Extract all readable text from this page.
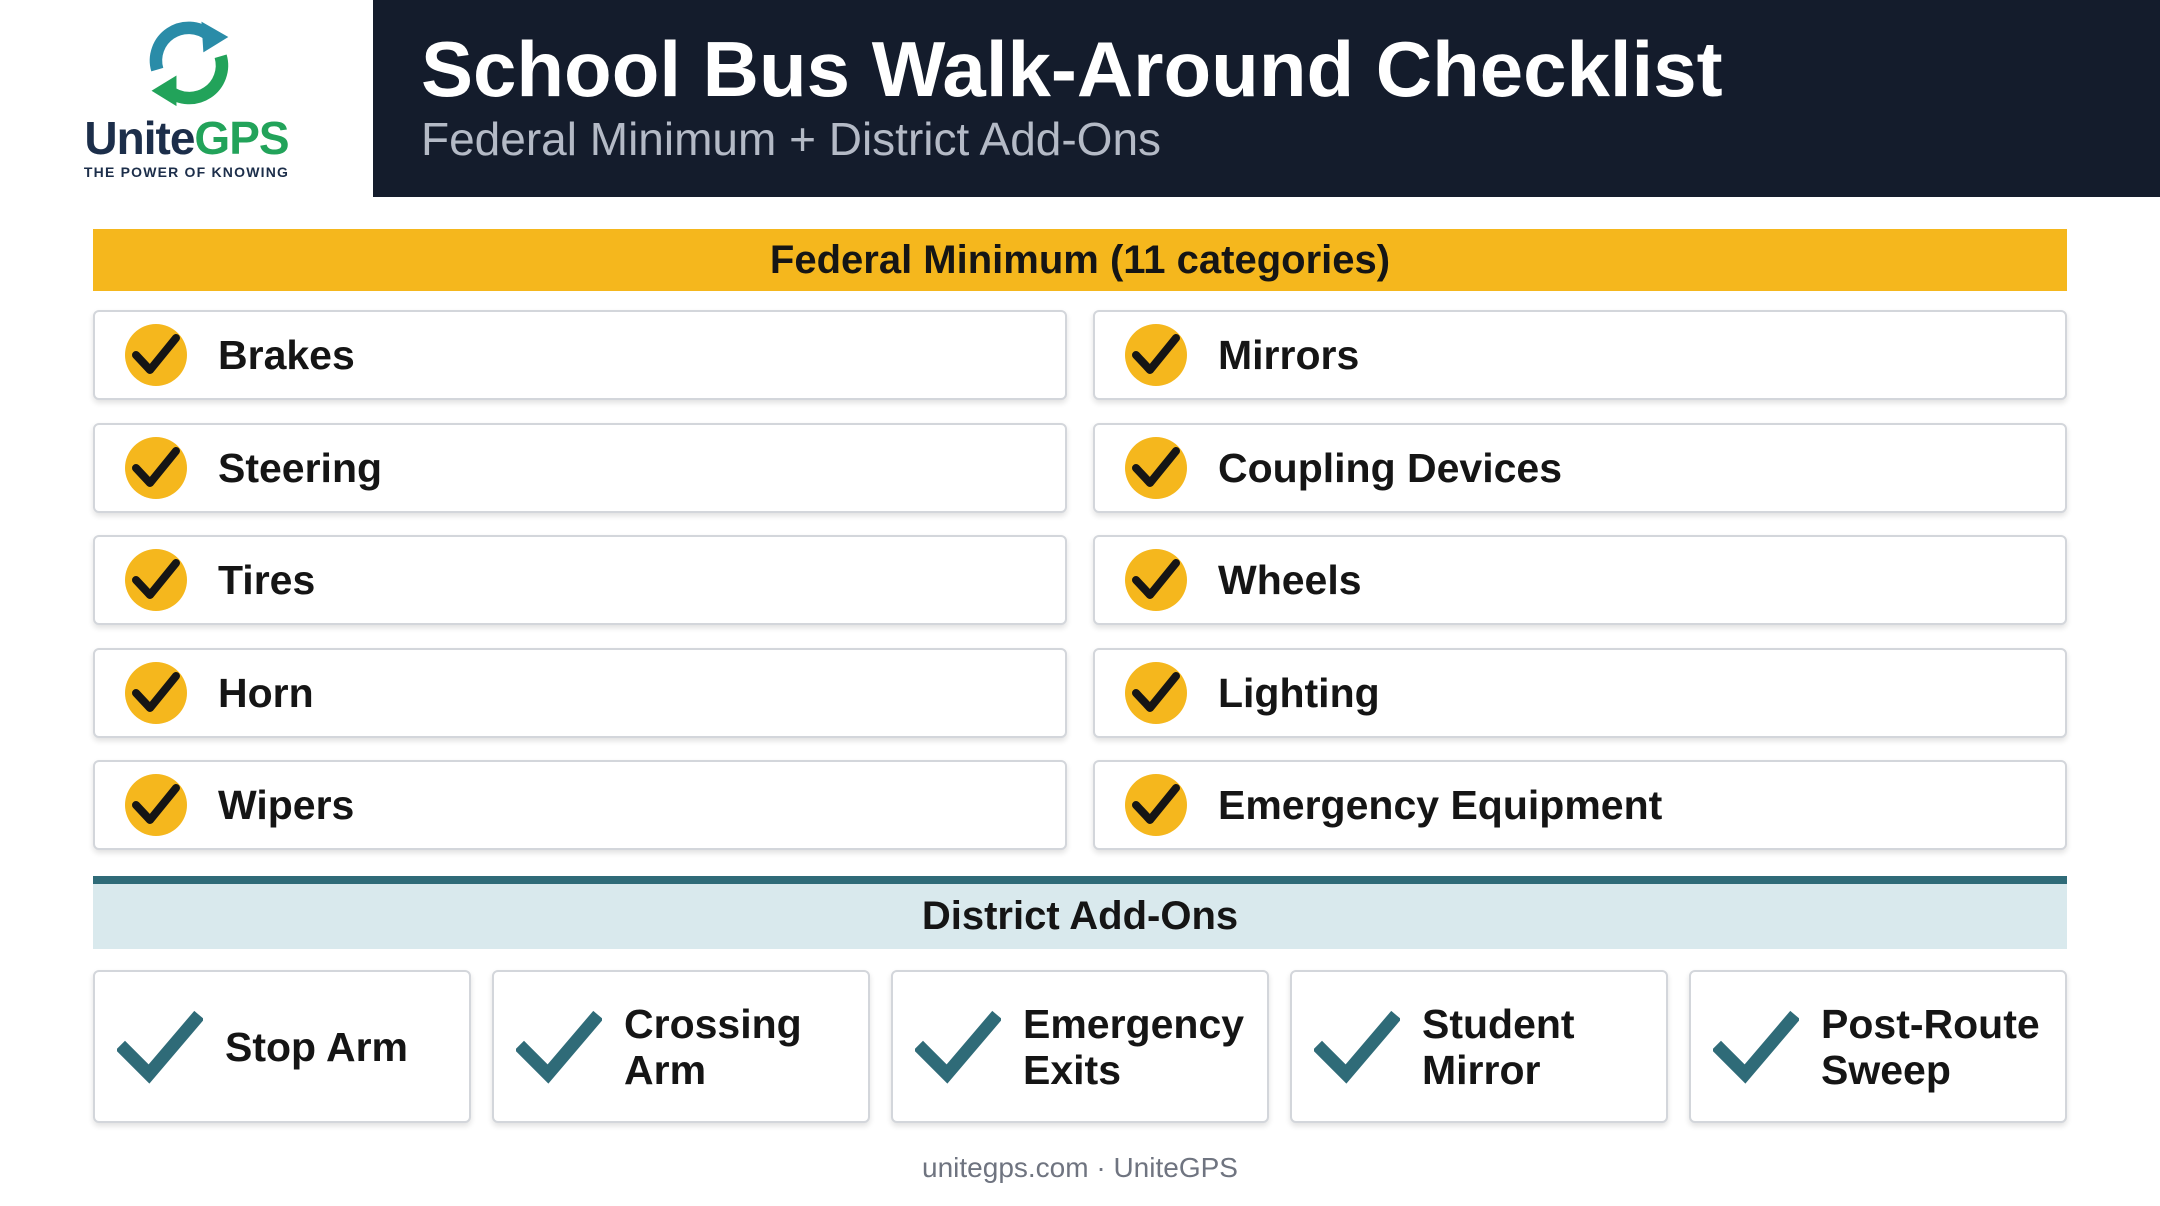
UniteGPS
THE POWER OF KNOWING
School Bus Walk-Around Checklist
Federal Minimum + District Add-Ons
Federal Minimum (11 categories)
Brakes	Mirrors
Steering	Coupling Devices
Tires	Wheels
Horn	Lighting
Wipers	Emergency Equipment
District Add-Ons
Stop Arm	Crossing Arm
Emergency Exits
Student Mirror
Post-Route Sweep
unitegps.com · UniteGPS
